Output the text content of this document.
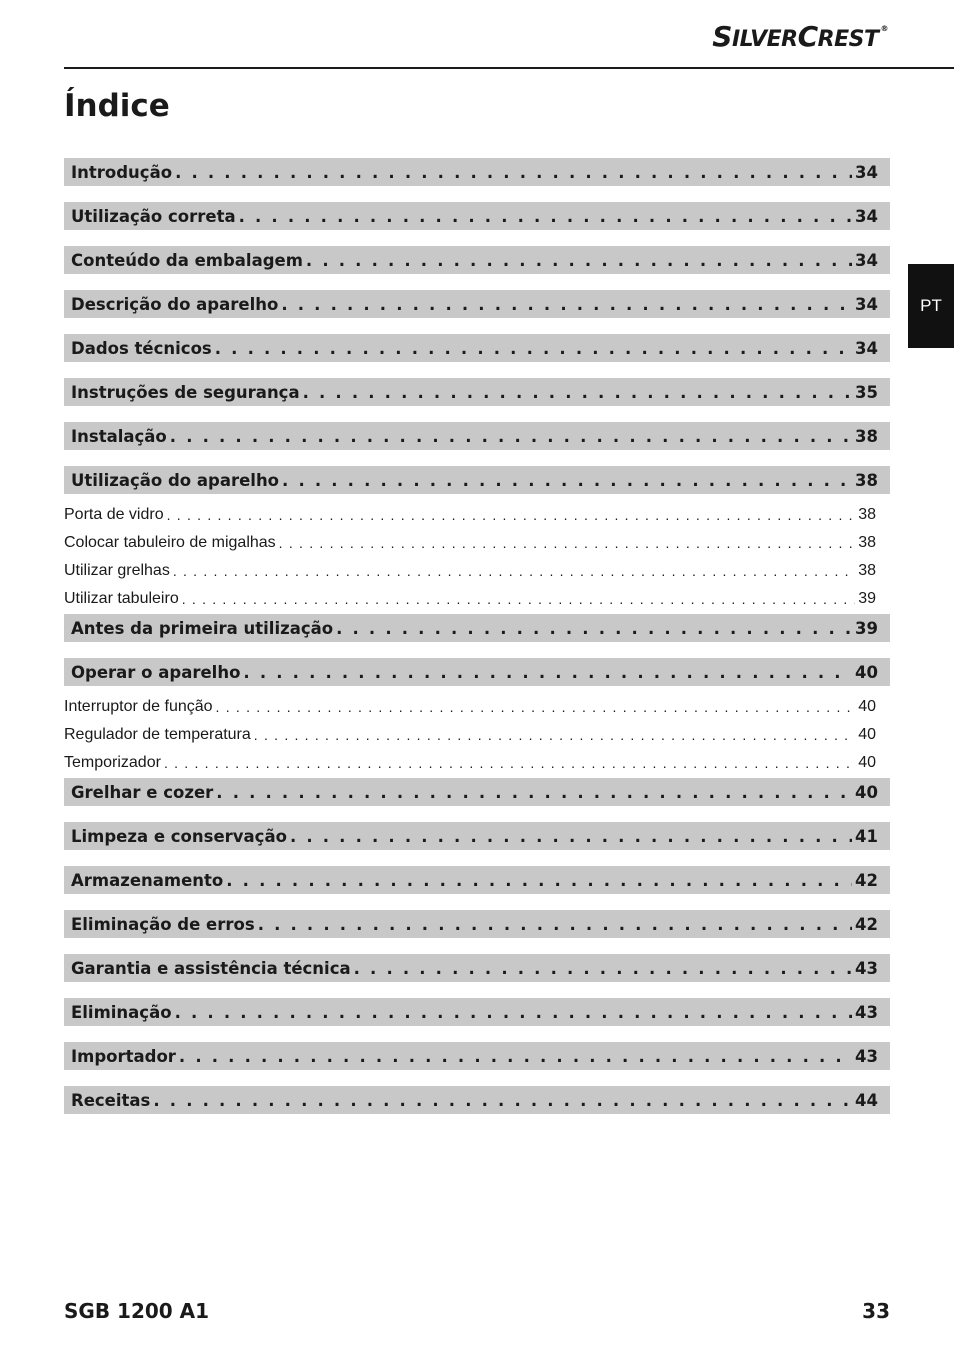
SILVERCREST ®
Índice
PT
Introdução . . .	34
Utilização correta . . .	34
Conteúdo da embalagem . . .	34
Descrição do aparelho . . .	34
Dados técnicos . . .	34
Instruções de segurança . . .	35
Instalação . . .	38
Utilização do aparelho . . .	38
Porta de vidro . . .	38
Colocar tabuleiro de migalhas . . .	38
Utilizar grelhas . . .	38
Utilizar tabuleiro . . .	39
Antes da primeira utilização . . .	39
Operar o aparelho . . .	40
Interruptor de função . . .	40
Regulador de temperatura . . .	40
Temporizador . . .	40
Grelhar e cozer . . .	40
Limpeza e conservação . . .	41
Armazenamento . . .	42
Eliminação de erros . . .	42
Garantia e assistência técnica . . .	43
Eliminação . . .	43
Importador . . .	43
Receitas . . .	44
SGB 1200 A1	33
